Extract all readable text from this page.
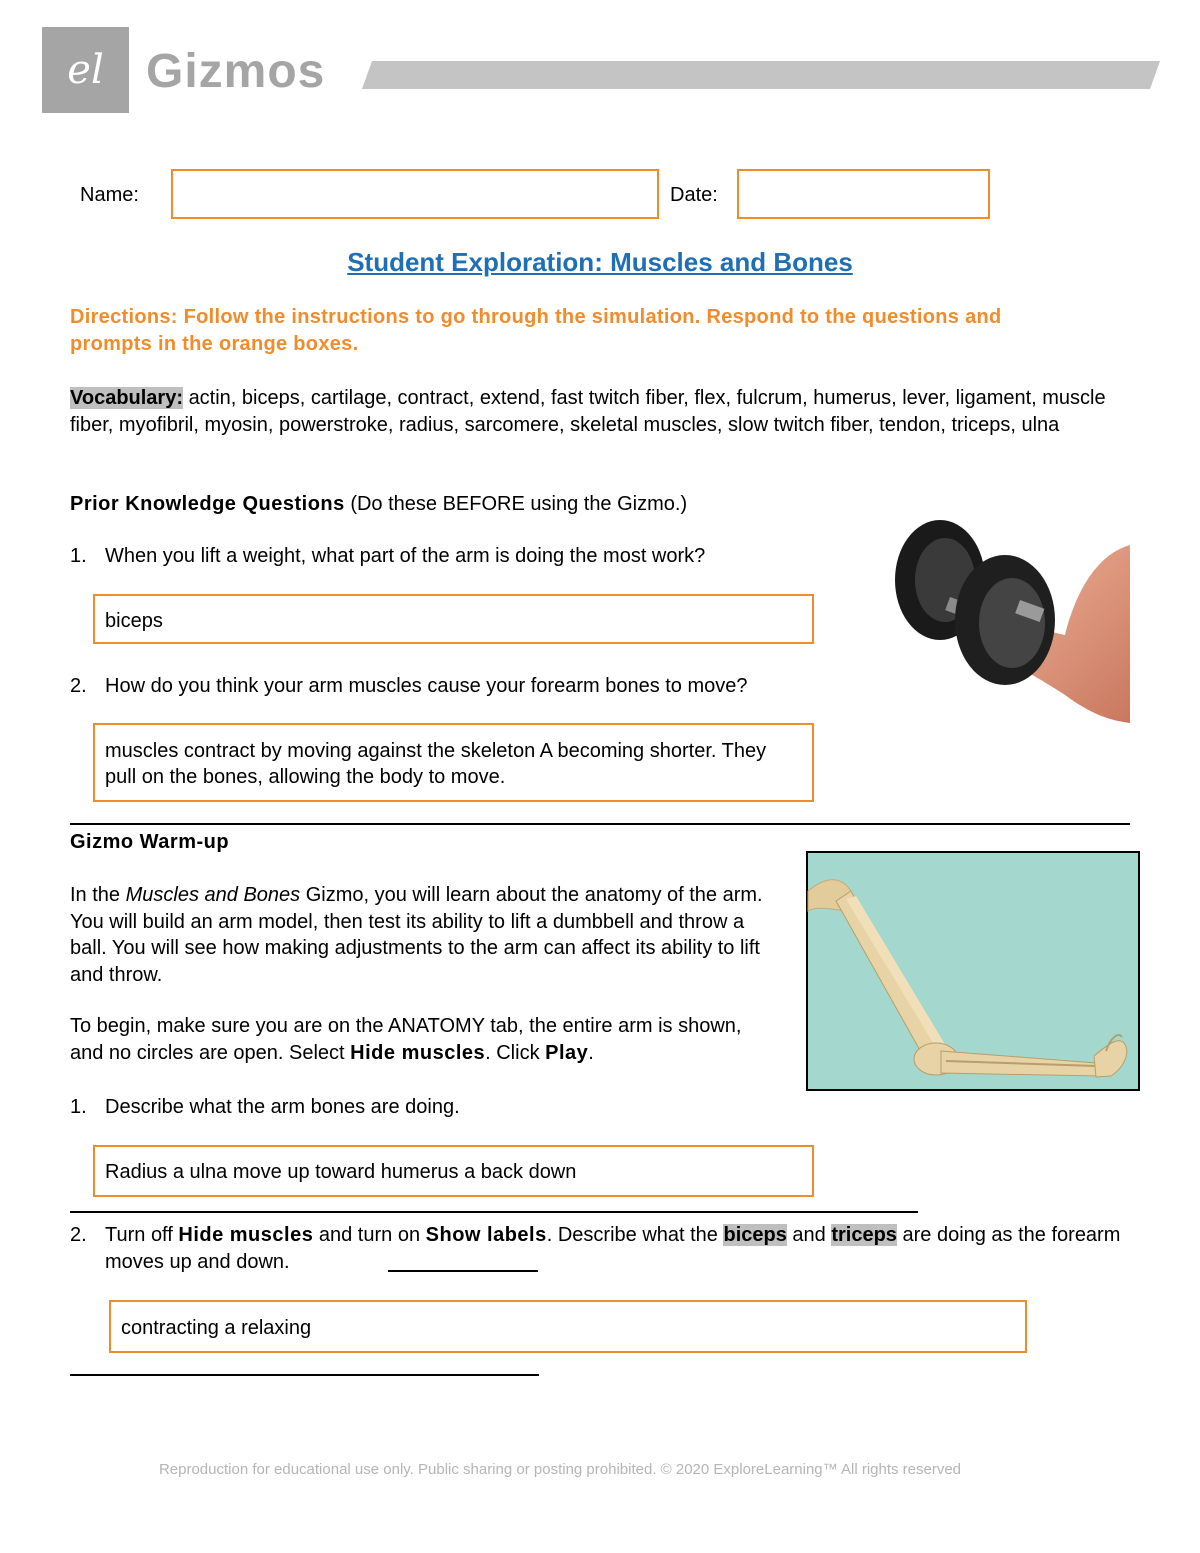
el Gizmos
Name:	Date:
Student Exploration: Muscles and Bones
Directions: Follow the instructions to go through the simulation. Respond to the questions and prompts in the orange boxes.
Vocabulary: actin, biceps, cartilage, contract, extend, fast twitch fiber, flex, fulcrum, humerus, lever, ligament, muscle fiber, myofibril, myosin, powerstroke, radius, sarcomere, skeletal muscles, slow twitch fiber, tendon, triceps, ulna
Prior Knowledge Questions (Do these BEFORE using the Gizmo.)
1. When you lift a weight, what part of the arm is doing the most work?
biceps
2. How do you think your arm muscles cause your forearm bones to move?
muscles contract by moving against the skeleton A becoming shorter. They pull on the bones, allowing the body to move.
Gizmo Warm-up
In the Muscles and Bones Gizmo, you will learn about the anatomy of the arm. You will build an arm model, then test its ability to lift a dumbbell and throw a ball. You will see how making adjustments to the arm can affect its ability to lift and throw.
To begin, make sure you are on the ANATOMY tab, the entire arm is shown, and no circles are open. Select Hide muscles. Click Play.
1. Describe what the arm bones are doing.
Radius a ulna move up toward humerus a back down
2. Turn off Hide muscles and turn on Show labels. Describe what the biceps and triceps are doing as the forearm moves up and down.
contracting a relaxing
Reproduction for educational use only. Public sharing or posting prohibited. © 2020 ExploreLearning™ All rights reserved
